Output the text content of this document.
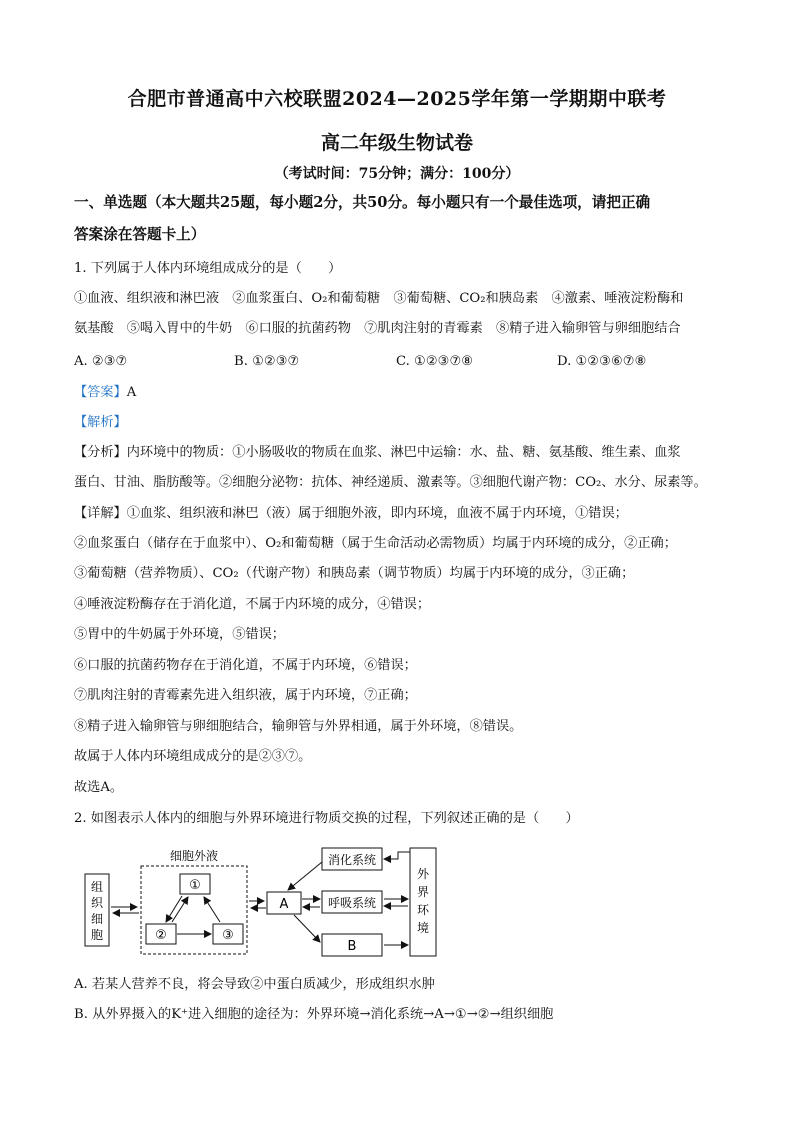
合肥市普通高中六校联盟2024—2025学年第一学期期中联考
高二年级生物试卷
（考试时间：75分钟；满分：100分）
一、单选题（本大题共25题，每小题2分，共50分。每小题只有一个最佳选项，请把正确
答案涂在答题卡上）
1. 下列属于人体内环境组成成分的是（　　）
①血液、组织液和淋巴液　②血浆蛋白、O₂和葡萄糖　③葡萄糖、CO₂和胰岛素　④激素、唾液淀粉酶和
氨基酸　⑤喝入胃中的牛奶　⑥口服的抗菌药物　⑦肌肉注射的青霉素　⑧精子进入输卵管与卵细胞结合
A. ②③⑦	B. ①②③⑦	C. ①②③⑦⑧	D. ①②③⑥⑦⑧
【答案】A
【解析】
【分析】内环境中的物质：①小肠吸收的物质在血浆、淋巴中运输：水、盐、糖、氨基酸、维生素、血浆
蛋白、甘油、脂肪酸等。②细胞分泌物：抗体、神经递质、激素等。③细胞代谢产物：CO₂、水分、尿素等。
【详解】①血浆、组织液和淋巴（液）属于细胞外液，即内环境，血液不属于内环境，①错误；
②血浆蛋白（储存在于血浆中）、O₂和葡萄糖（属于生命活动必需物质）均属于内环境的成分，②正确；
③葡萄糖（营养物质）、CO₂（代谢产物）和胰岛素（调节物质）均属于内环境的成分，③正确；
④唾液淀粉酶存在于消化道，不属于内环境的成分，④错误；
⑤胃中的牛奶属于外环境，⑤错误；
⑥口服的抗菌药物存在于消化道，不属于内环境，⑥错误；
⑦肌肉注射的青霉素先进入组织液，属于内环境，⑦正确；
⑧精子进入输卵管与卵细胞结合，输卵管与外界相通，属于外环境，⑧错误。
故属于人体内环境组成成分的是②③⑦。
故选A。
2. 如图表示人体内的细胞与外界环境进行物质交换的过程，下列叙述正确的是（　　）
组
织
细
胞
细胞外液
①
②	③
A
消化系统
呼吸系统
B
外
界
环
境
A. 若某人营养不良，将会导致②中蛋白质减少，形成组织水肿
B. 从外界摄入的K⁺进入细胞的途径为：外界环境→消化系统→A→①→②→组织细胞
